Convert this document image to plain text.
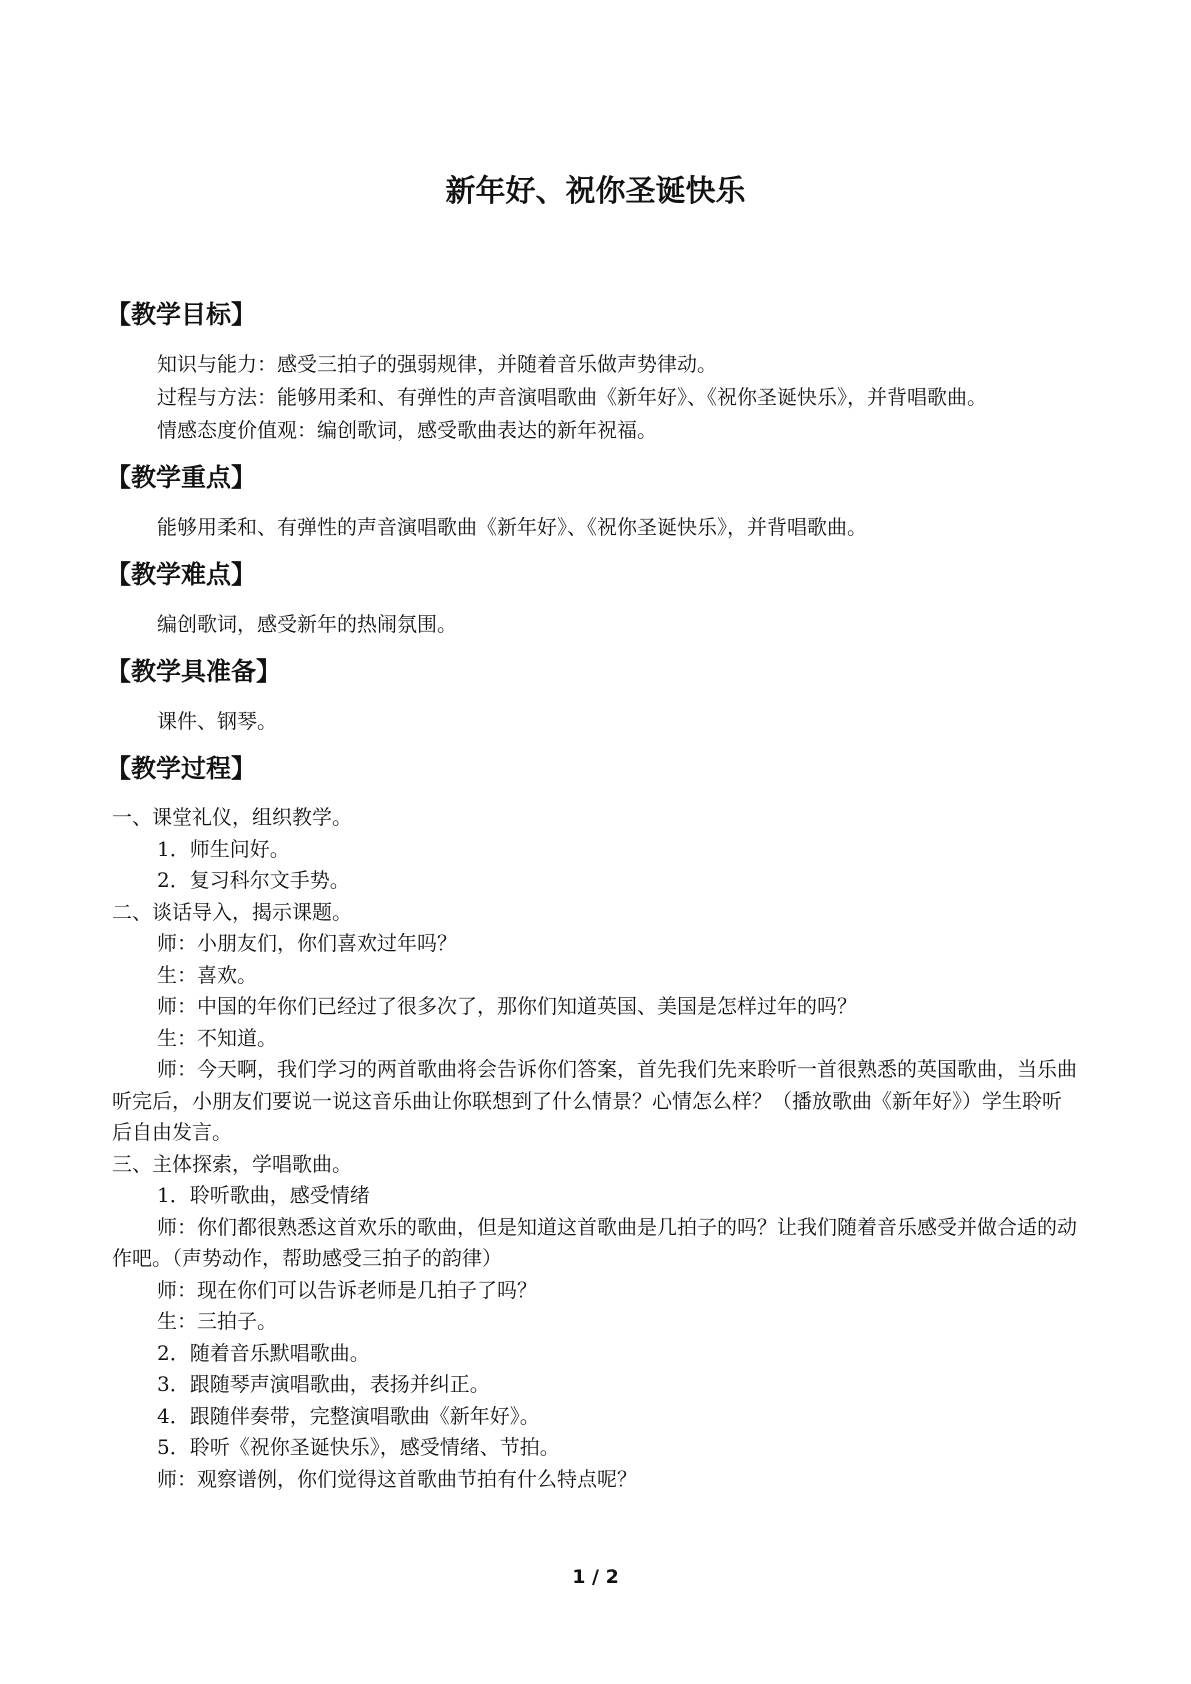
新年好、祝你圣诞快乐
【教学目标】

知识与能力：感受三拍子的强弱规律，并随着音乐做声势律动。

过程与方法：能够用柔和、有弹性的声音演唱歌曲《新年好》、《祝你圣诞快乐》，并背唱歌曲。

情感态度价值观：编创歌词，感受歌曲表达的新年祝福。

【教学重点】

能够用柔和、有弹性的声音演唱歌曲《新年好》、《祝你圣诞快乐》，并背唱歌曲。

【教学难点】

编创歌词，感受新年的热闹氛围。

【教学具准备】

课件、钢琴。

【教学过程】

一、课堂礼仪，组织教学。

1．师生问好。

2．复习科尔文手势。

二、谈话导入，揭示课题。

师：小朋友们，你们喜欢过年吗？

生：喜欢。

师：中国的年你们已经过了很多次了，那你们知道英国、美国是怎样过年的吗？

生：不知道。

师：今天啊，我们学习的两首歌曲将会告诉你们答案，首先我们先来聆听一首很熟悉的英国歌曲，当乐曲听完后，小朋友们要说一说这音乐曲让你联想到了什么情景？心情怎么样？（播放歌曲《新年好》）学生聆听后自由发言。

三、主体探索，学唱歌曲。

1．聆听歌曲，感受情绪

师：你们都很熟悉这首欢乐的歌曲，但是知道这首歌曲是几拍子的吗？让我们随着音乐感受并做合适的动作吧。（声势动作，帮助感受三拍子的韵律）

师：现在你们可以告诉老师是几拍子了吗？

生：三拍子。

2．随着音乐默唱歌曲。

3．跟随琴声演唱歌曲，表扬并纠正。

4．跟随伴奏带，完整演唱歌曲《新年好》。

5．聆听《祝你圣诞快乐》，感受情绪、节拍。

师：观察谱例，你们觉得这首歌曲节拍有什么特点呢？

1 / 2
